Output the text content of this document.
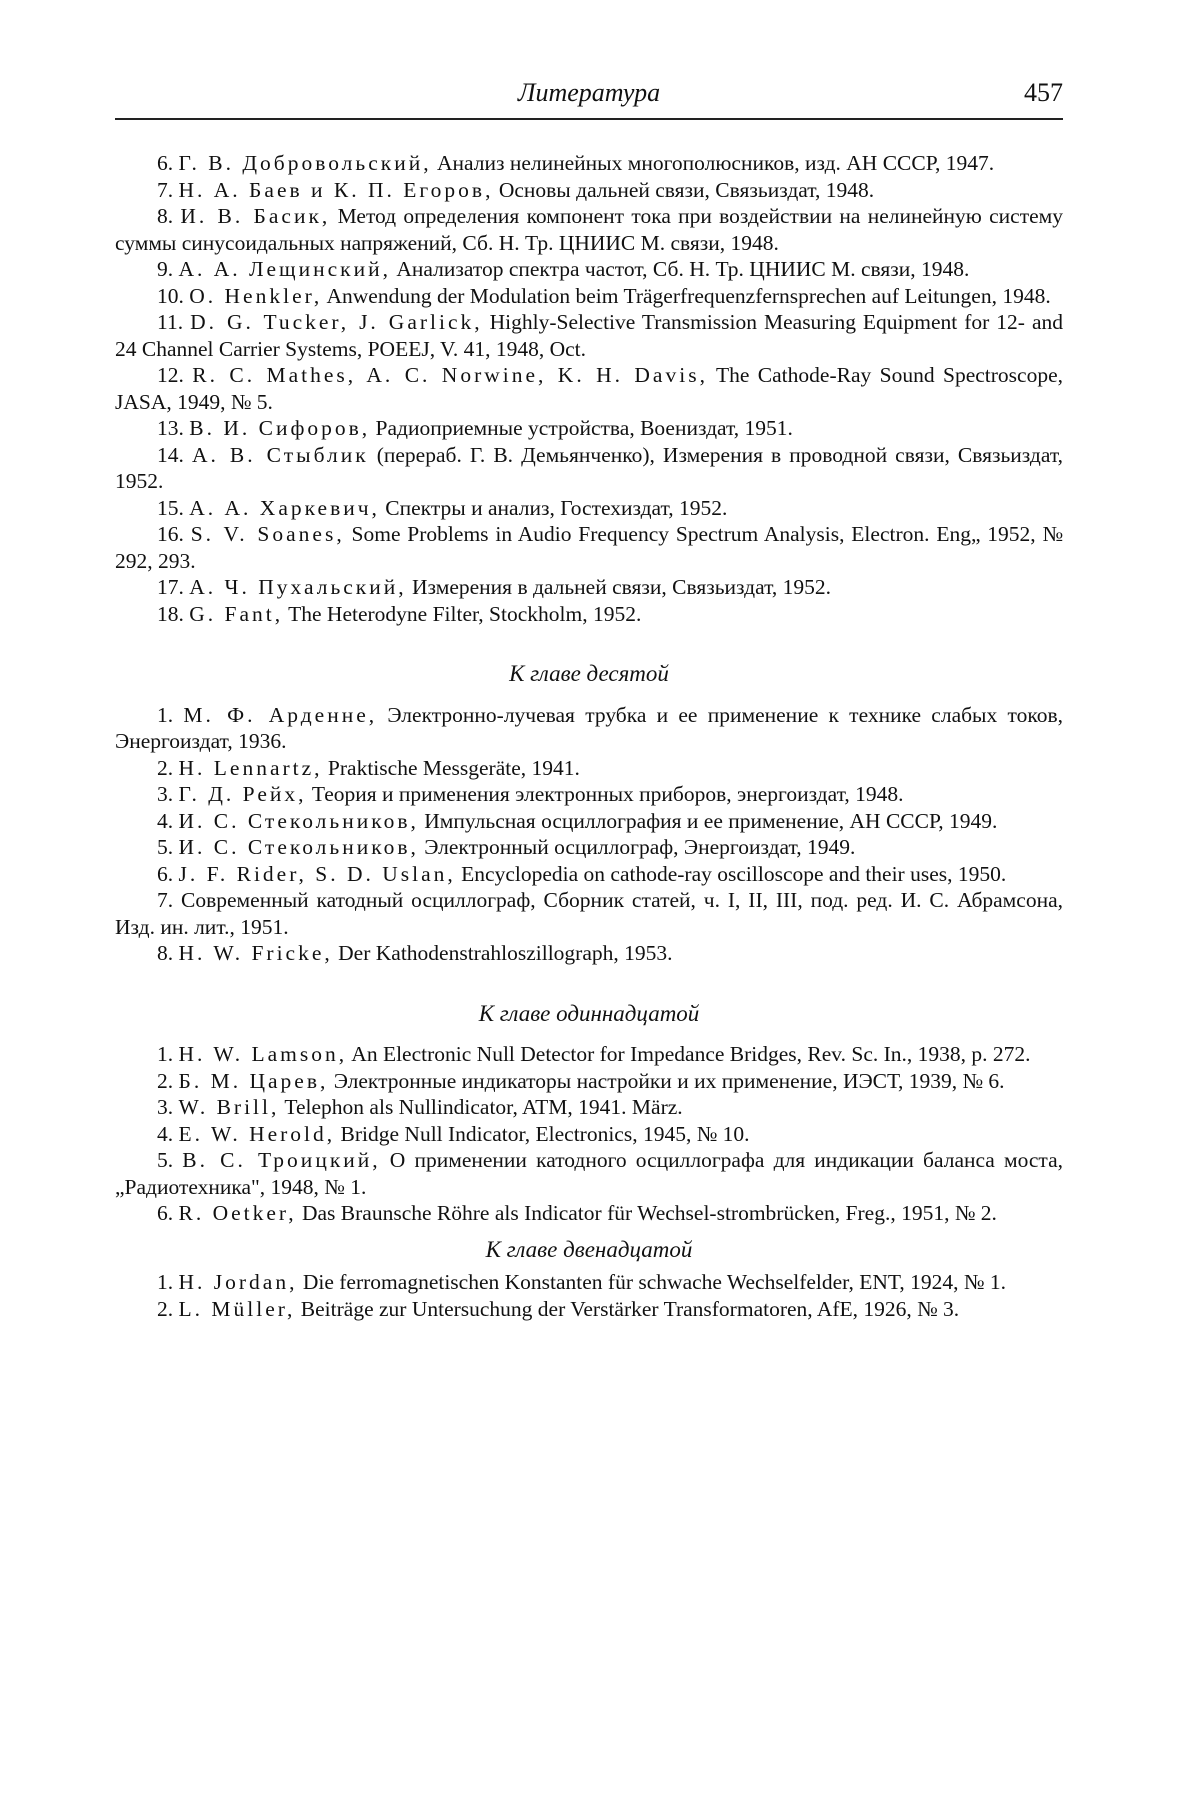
Литература	457

6. Г. В. Добровольский, Анализ нелинейных многополюсников, изд. АН СССР, 1947.

7. Н. А. Баев и К. П. Егоров, Основы дальней связи, Связьиздат, 1948.

8. И. В. Басик, Метод определения компонент тока при воздействии на нелинейную систему суммы синусоидальных напряжений, Сб. Н. Тр. ЦНИИС М. связи, 1948.

9. А. А. Лещинский, Анализатор спектра частот, Сб. Н. Тр. ЦНИИС М. связи, 1948.

10. O. Henkler, Anwendung der Modulation beim Trägerfrequenzfernsprechen auf Leitungen, 1948.

11. D. G. Tucker, J. Garlick, Highly-Selective Transmission Measuring Equipment for 12- and 24 Channel Carrier Systems, POEEJ, V. 41, 1948, Oct.

12. R. C. Mathes, A. C. Norwine, K. H. Davis, The Cathode-Ray Sound Spectroscope, JASA, 1949, № 5.

13. В. И. Сифоров, Радиоприемные устройства, Воениздат, 1951.

14. А. В. Стыблик (перераб. Г. В. Демьянченко), Измерения в проводной связи, Связьиздат, 1952.

15. А. А. Харкевич, Спектры и анализ, Гостехиздат, 1952.

16. S. V. Soanes, Some Problems in Audio Frequency Spectrum Analysis, Electron. Eng„ 1952, № 292, 293.

17. А. Ч. Пухальский, Измерения в дальней связи, Связьиздат, 1952.

18. G. Fant, The Heterodyne Filter, Stockholm, 1952.

К главе десятой

1. М. Ф. Арденне, Электронно-лучевая трубка и ее применение к технике слабых токов, Энергоиздат, 1936.

2. H. Lennartz, Praktische Messgeräte, 1941.

3. Г. Д. Рейх, Теория и применения электронных приборов, энергоиздат, 1948.

4. И. С. Стекольников, Импульсная осциллография и ее применение, АН СССР, 1949.

5. И. С. Стекольников, Электронный осциллограф, Энергоиздат, 1949.

6. J. F. Rider, S. D. Uslan, Encyclopedia on cathode-ray oscilloscope and their uses, 1950.

7. Современный катодный осциллограф, Сборник статей, ч. I, II, III, под. ред. И. С. Абрамсона, Изд. ин. лит., 1951.

8. H. W. Fricke, Der Kathodenstrahloszillograph, 1953.

К главе одиннадцатой

1. H. W. Lamson, An Electronic Null Detector for Impedance Bridges, Rev. Sc. In., 1938, p. 272.

2. Б. М. Царев, Электронные индикаторы настройки и их применение, ИЭСТ, 1939, № 6.

3. W. Brill, Telephon als Nullindicator, ATM, 1941. März.

4. E. W. Herold, Bridge Null Indicator, Electronics, 1945, № 10.

5. В. С. Троицкий, О применении катодного осциллографа для индикации баланса моста, „Радиотехника", 1948, № 1.

6. R. Oetker, Das Braunsche Röhre als Indicator für Wechsel-strombrücken, Freg., 1951, № 2.

К главе двенадцатой

1. H. Jordan, Die ferromagnetischen Konstanten für schwache Wechselfelder, ENT, 1924, № 1.

2. L. Müller, Beiträge zur Untersuchung der Verstärker Transformatoren, AfE, 1926, № 3.
